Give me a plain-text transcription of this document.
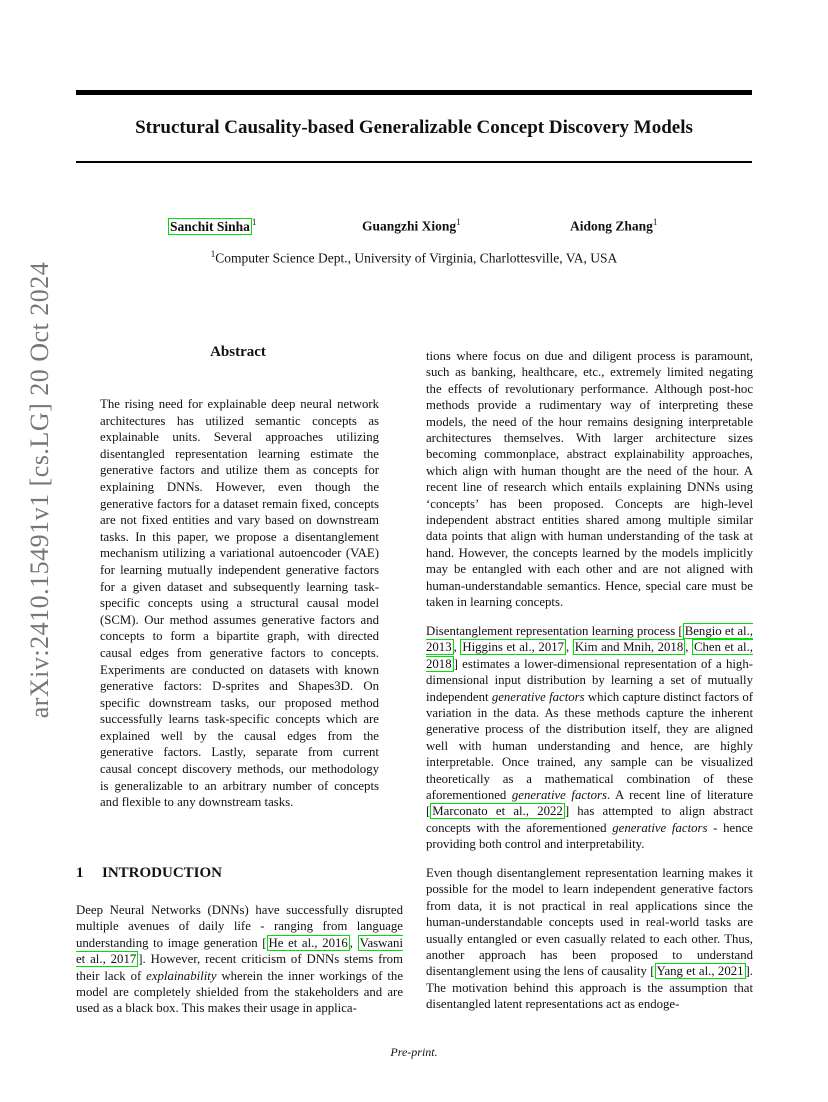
Structural Causality-based Generalizable Concept Discovery Models
Sanchit Sinha $^1$	Guangzhi Xiong$^1$	Aidong Zhang$^1$
$^1$Computer Science Dept., University of Virginia, Charlottesville, VA, USA
arXiv:2410.15491v1 [cs.LG] 20 Oct 2024	Abstract
The rising need for explainable deep neural network architectures has utilized semantic concepts as explainable units. Several approaches utilizing disentangled representation learning estimate the generative factors and utilize them as concepts for explaining DNNs. However, even though the generative factors for a dataset remain fixed, concepts are not fixed entities and vary based on downstream tasks. In this paper, we propose a disentanglement mechanism utilizing a variational autoencoder (VAE) for learning mutually independent generative factors for a given dataset and subsequently learning task-specific concepts using a structural causal model (SCM). Our method assumes generative factors and concepts to form a bipartite graph, with directed causal edges from generative factors to concepts. Experiments are conducted on datasets with known generative factors: D-sprites and Shapes3D. On specific downstream tasks, our proposed method successfully learns task-specific concepts which are explained well by the causal edges from the generative factors. Lastly, separate from current causal concept discovery methods, our methodology is generalizable to an arbitrary number of concepts and flexible to any downstream tasks.
1 INTRODUCTION
Deep Neural Networks (DNNs) have successfully disrupted multiple avenues of daily life - ranging from language understanding to image generation [ He et al., 2016 , Vaswani et al., 2017 ]. However, recent criticism of DNNs stems from their lack of explainability wherein the inner workings of the model are completely shielded from the stakeholders and are used as a black box. This makes their usage in applica-
tions where focus on due and diligent process is paramount, such as banking, healthcare, etc., extremely limited negating the effects of revolutionary performance. Although post-hoc methods provide a rudimentary way of interpreting these models, the need of the hour remains designing interpretable architectures themselves. With larger architecture sizes becoming commonplace, abstract explainability approaches, which align with human thought are the need of the hour. A recent line of research which entails explaining DNNs using ‘concepts’ has been proposed. Concepts are high-level independent abstract entities shared among multiple similar data points that align with human understanding of the task at hand. However, the concepts learned by the models implicitly may be entangled with each other and are not aligned with human-understandable semantics. Hence, special care must be taken in learning concepts.
Disentanglement representation learning process [ Bengio et al., 2013 , Higgins et al., 2017 , Kim and Mnih, 2018 , Chen et al., 2018 ] estimates a lower-dimensional representation of a high-dimensional input distribution by learning a set of mutually independent generative factors which capture distinct factors of variation in the data. As these methods capture the inherent generative process of the distribution itself, they are aligned well with human understanding and hence, are highly interpretable. Once trained, any sample can be visualized theoretically as a mathematical combination of these aforementioned generative factors. A recent line of literature [ Marconato et al., 2022 ] has attempted to align abstract concepts with the aforementioned generative factors - hence providing both control and interpretability.
Even though disentanglement representation learning makes it possible for the model to learn independent generative factors from data, it is not practical in real applications since the human-understandable concepts used in real-world tasks are usually entangled or even casually related to each other. Thus, another approach has been proposed to understand disentanglement using the lens of causality [ Yang et al., 2021 ]. The motivation behind this approach is the assumption that disentangled latent representations act as endoge-
Pre-print.
